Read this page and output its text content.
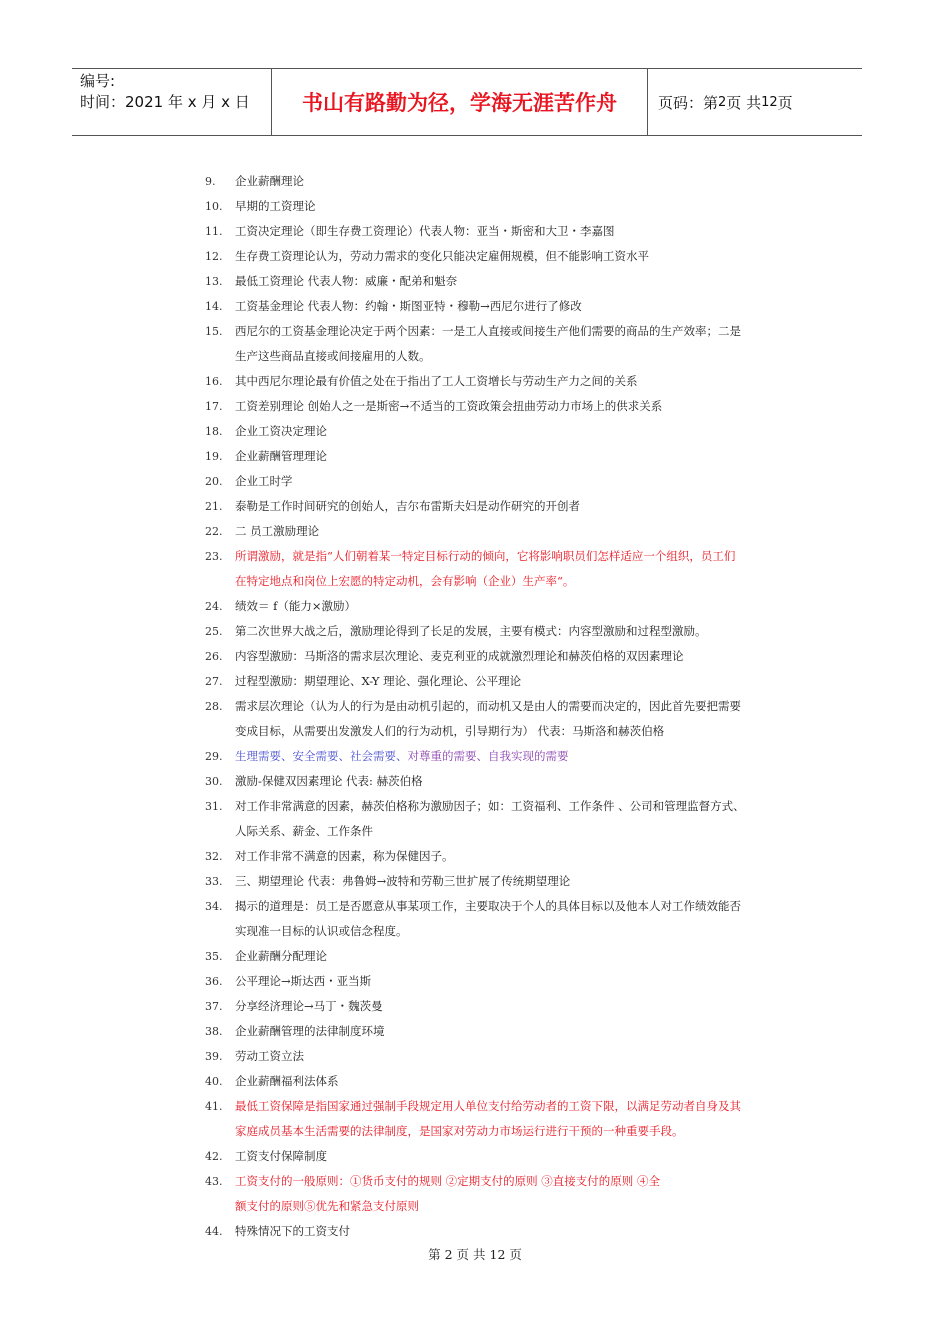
编号:
时间：2021 年 x 月 x 日	书山有路勤为径，学海无涯苦作舟	页码：第 2 页 共 12 页
9.	企业薪酬理论
10.	早期的工资理论
11.	工资决定理论（即生存费工资理论）代表人物：亚当・斯密和大卫・李嘉图
12.	生存费工资理论认为，劳动力需求的变化只能决定雇佣规模，但不能影响工资水平
13.	最低工资理论 代表人物：威廉・配弟和魁奈
14.	工资基金理论 代表人物：约翰・斯图亚特・穆勒→西尼尔进行了修改
15.	西尼尔的工资基金理论决定于两个因素：一是工人直接或间接生产他们需要的商品的生产效率；二是
生产这些商品直接或间接雇用的人数。
16.	其中西尼尔理论最有价值之处在于指出了工人工资增长与劳动生产力之间的关系
17.	工资差别理论 创始人之一是斯密→不适当的工资政策会扭曲劳动力市场上的供求关系
18.	企业工资决定理论
19.	企业薪酬管理理论
20.	企业工时学
21.	泰勒是工作时间研究的创始人，吉尔布雷斯夫妇是动作研究的开创者
22.	二 员工激励理论
23.	所谓激励，就是指“人们朝着某一特定目标行动的倾向，它将影响职员们怎样适应一个组织，员工们
在特定地点和岗位上宏愿的特定动机，会有影响（企业）生产率“。
24.	绩效＝ f（能力×激励）
25.	第二次世界大战之后，激励理论得到了长足的发展，主要有模式：内容型激励和过程型激励。
26.	内容型激励：马斯洛的需求层次理论、麦克利亚的成就激烈理论和赫茨伯格的双因素理论
27.	过程型激励：期望理论、X-Y 理论、强化理论、公平理论
28.	需求层次理论（认为人的行为是由动机引起的，而动机又是由人的需要而决定的，因此首先要把需要
变成目标，从需要出发激发人们的行为动机，引导期行为） 代表：马斯洛和赫茨伯格
29.	生理需要、安全需要、社会需要、对尊重的需要、自我实现的需要
30.	激励-保健双因素理论 代表: 赫茨伯格
31.	对工作非常满意的因素，赫茨伯格称为激励因子；如：工资福利、工作条件 、公司和管理监督方式、
人际关系、薪金、工作条件
32.	对工作非常不满意的因素，称为保健因子。
33.	三、期望理论 代表：弗鲁姆→波特和劳勒三世扩展了传统期望理论
34.	揭示的道理是：员工是否愿意从事某项工作，主要取决于个人的具体目标以及他本人对工作绩效能否
实现准一目标的认识或信念程度。
35.	企业薪酬分配理论
36.	公平理论→斯达西・亚当斯
37.	分享经济理论→马丁・魏茨曼
38.	企业薪酬管理的法律制度环境
39.	劳动工资立法
40.	企业薪酬福利法体系
41.	最低工资保障是指国家通过强制手段规定用人单位支付给劳动者的工资下限，以满足劳动者自身及其
家庭成员基本生活需要的法律制度，是国家对劳动力市场运行进行干预的一种重要手段。
42.	工资支付保障制度
43.	工资支付的一般原则：①货币支付的规则 ②定期支付的原则 ③直接支付的原则 ④全
额支付的原则⑤优先和紧急支付原则
44.	特殊情况下的工资支付
第 2 页 共 12 页
